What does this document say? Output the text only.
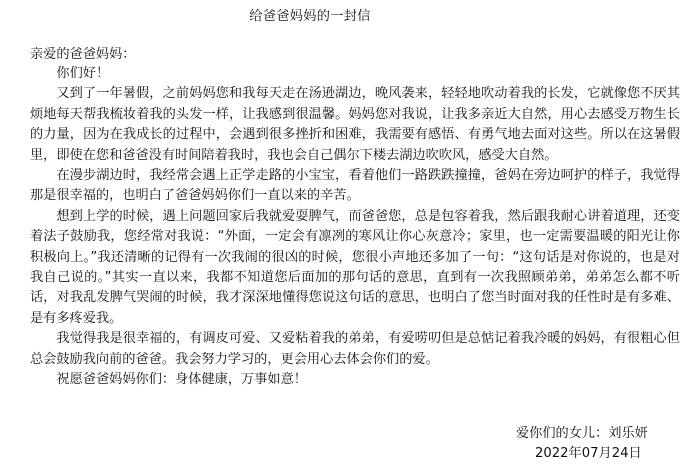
给爸爸妈妈的一封信
亲爱的爸爸妈妈：

你们好！

又到了一年暑假，之前妈妈您和我每天走在汤逊湖边，晚风袭来，轻轻地吹动着我的长发，它就像您不厌其烦地每天帮我梳妆着我的头发一样，让我感到很温馨。妈妈您对我说，让我多亲近大自然，用心去感受万物生长的力量，因为在我成长的过程中，会遇到很多挫折和困难，我需要有感悟、有勇气地去面对这些。所以在这暑假里，即使在您和爸爸没有时间陪着我时，我也会自己偶尔下楼去湖边吹吹风，感受大自然。

在漫步湖边时，我经常会遇上正学走路的小宝宝，看着他们一路跌跌撞撞，爸妈在旁边呵护的样子，我觉得那是很幸福的，也明白了爸爸妈妈你们一直以来的辛苦。

想到上学的时候，遇上问题回家后我就爱耍脾气，而爸爸您，总是包容着我，然后跟我耐心讲着道理，还变着法子鼓励我，您经常对我说：“外面，一定会有凛冽的寒风让你心灰意冷；家里，也一定需要温暖的阳光让你积极向上。”我还清晰的记得有一次我闹的很凶的时候，您很小声地还多加了一句：“这句话是对你说的，也是对我自己说的。”其实一直以来，我都不知道您后面加的那句话的意思，直到有一次我照顾弟弟，弟弟怎么都不听话，对我乱发脾气哭闹的时候，我才深深地懂得您说这句话的意思，也明白了您当时面对我的任性时是有多难、是有多疼爱我。

我觉得我是很幸福的，有调皮可爱、又爱粘着我的弟弟，有爱唠叨但是总惦记着我冷暖的妈妈，有很粗心但总会鼓励我向前的爸爸。我会努力学习的，更会用心去体会你们的爱。

祝愿爸爸妈妈你们：身体健康，万事如意！

爱你们的女儿：刘乐妍
2022年07月24日
